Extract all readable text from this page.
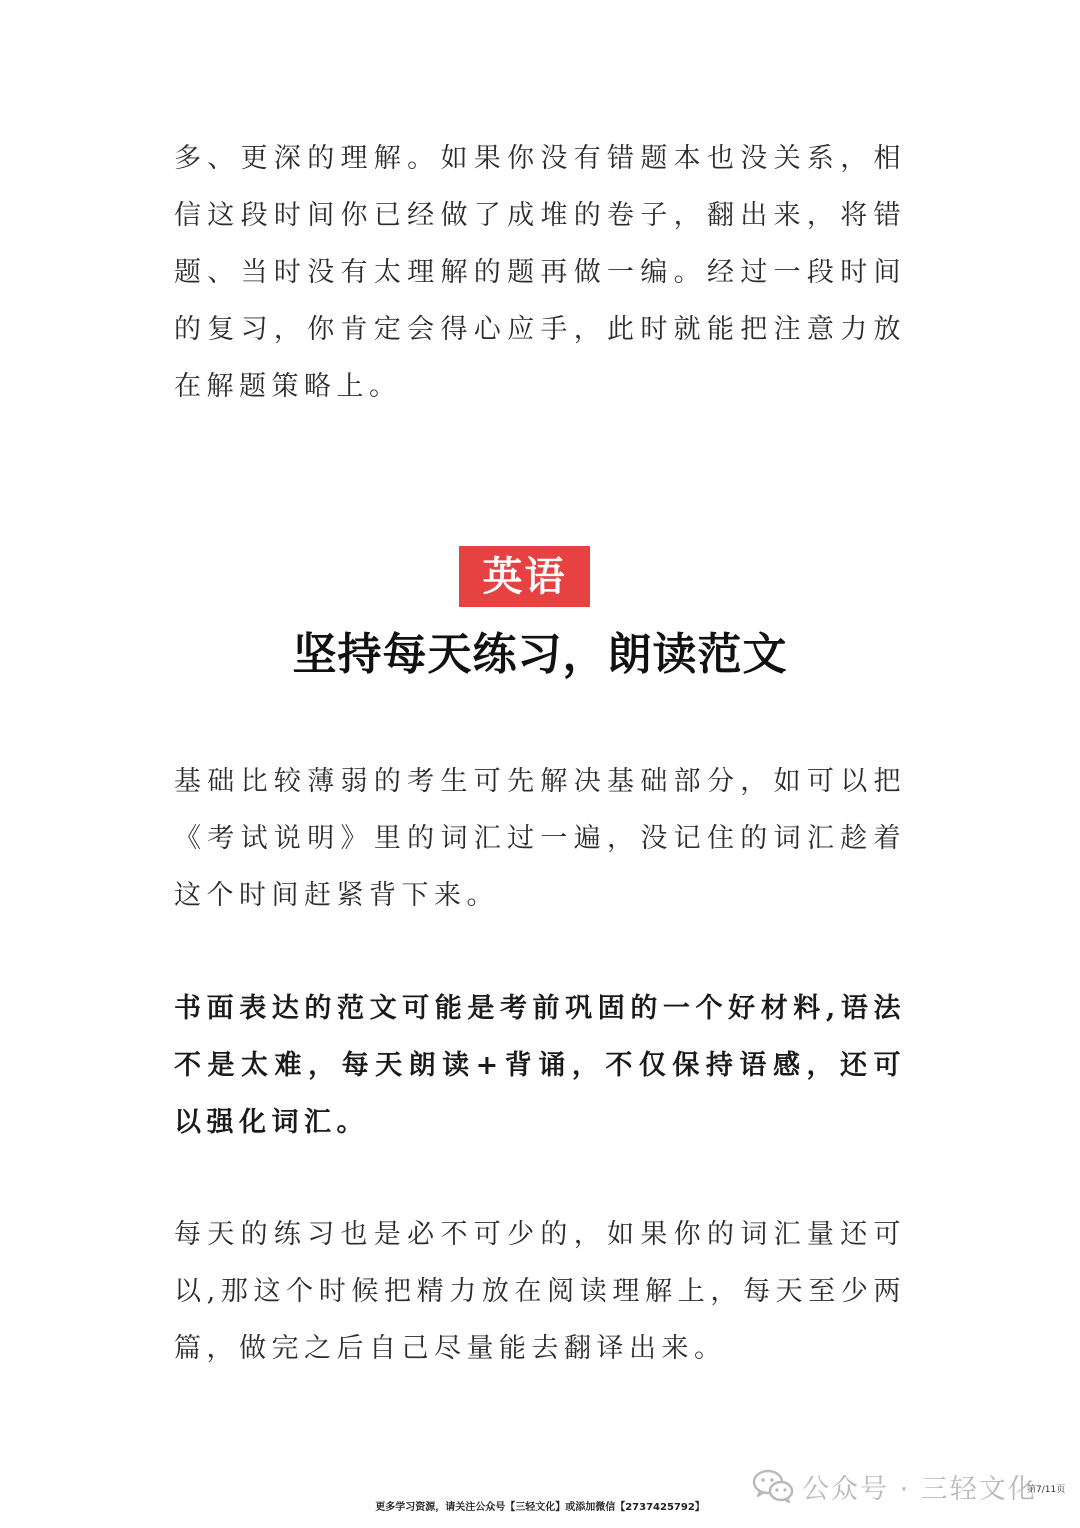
多、更深的理解。如果你没有错题本也没关系，相信这段时间你已经做了成堆的卷子，翻出来，将错题、当时没有太理解的题再做一编。经过一段时间的复习，你肯定会得心应手，此时就能把注意力放在解题策略上。

英语
坚持每天练习，朗读范文

基础比较薄弱的考生可先解决基础部分，如可以把《考试说明》里的词汇过一遍，没记住的词汇趁着这个时间赶紧背下来。

书面表达的范文可能是考前巩固的一个好材料,语法不是太难，每天朗读+背诵，不仅保持语感，还可以强化词汇。

每天的练习也是必不可少的，如果你的词汇量还可以,那这个时候把精力放在阅读理解上，每天至少两篇，做完之后自己尽量能去翻译出来。

公众号 · 三轻文化
第7/11页
更多学习资源，请关注公众号【三轻文化】或添加微信【2737425792】
